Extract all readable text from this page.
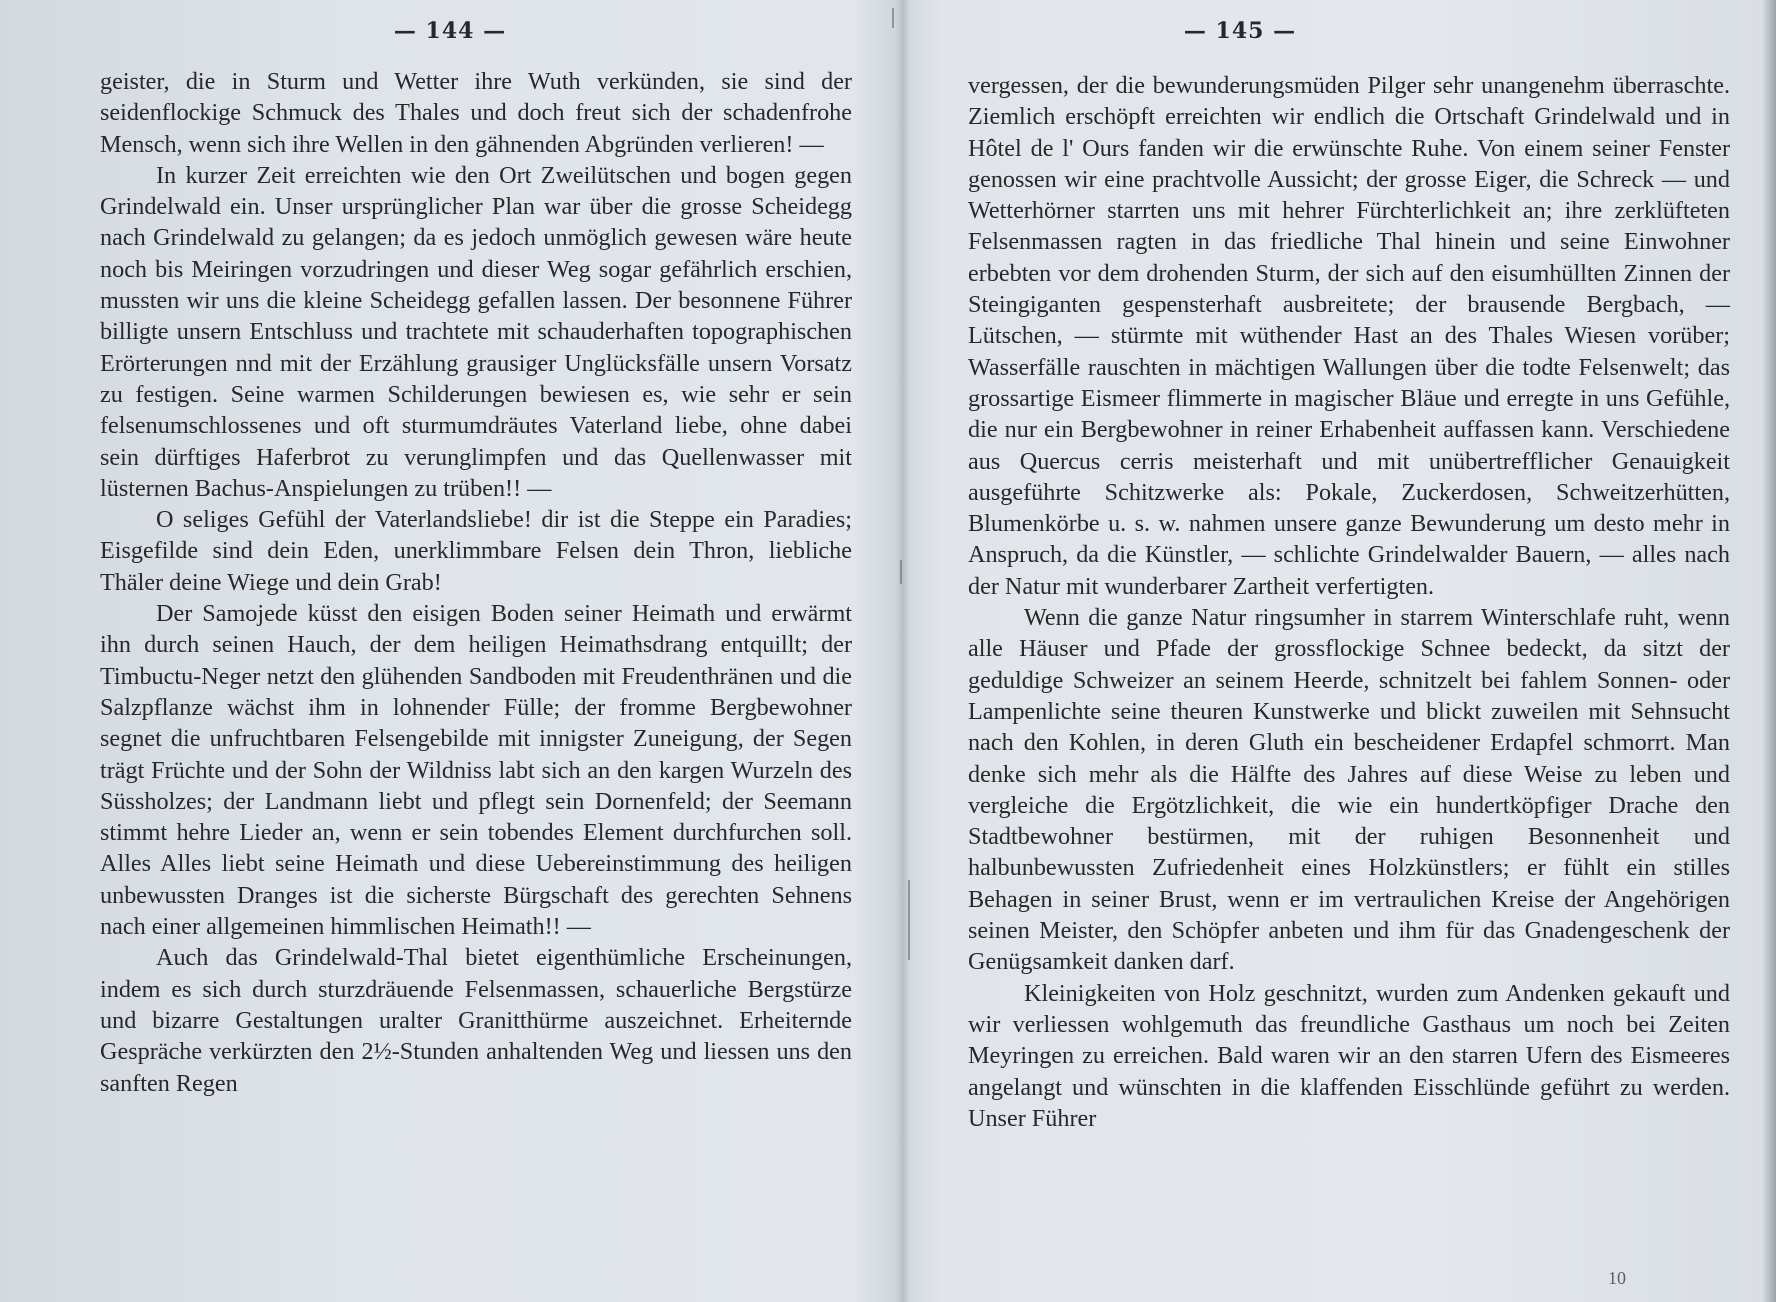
— 144 —

geister, die in Sturm und Wetter ihre Wuth verkünden, sie sind der seidenflockige Schmuck des Thales und doch freut sich der schadenfrohe Mensch, wenn sich ihre Wellen in den gähnenden Abgründen verlieren! —

In kurzer Zeit erreichten wie den Ort Zweilütschen und bogen gegen Grindelwald ein. Unser ursprünglicher Plan war über die grosse Scheidegg nach Grindelwald zu gelangen; da es jedoch unmöglich gewesen wäre heute noch bis Meiringen vorzudringen und dieser Weg sogar gefährlich erschien, mussten wir uns die kleine Scheidegg gefallen lassen. Der besonnene Führer billigte unsern Entschluss und trachtete mit schauderhaften topographischen Erörterungen nnd mit der Erzählung grausiger Unglücksfälle unsern Vorsatz zu festigen. Seine warmen Schilderungen bewiesen es, wie sehr er sein felsenumschlossenes und oft sturmumdräutes Vaterland liebe, ohne dabei sein dürftiges Haferbrot zu verunglimpfen und das Quellenwasser mit lüsternen Bachus-Anspielungen zu trüben!! —

O seliges Gefühl der Vaterlandsliebe! dir ist die Steppe ein Paradies; Eisgefilde sind dein Eden, unerklimmbare Felsen dein Thron, liebliche Thäler deine Wiege und dein Grab!

Der Samojede küsst den eisigen Boden seiner Heimath und erwärmt ihn durch seinen Hauch, der dem heiligen Heimathsdrang entquillt; der Timbuctu-Neger netzt den glühenden Sandboden mit Freudenthränen und die Salzpflanze wächst ihm in lohnender Fülle; der fromme Bergbewohner segnet die unfruchtbaren Felsengebilde mit innigster Zuneigung, der Segen trägt Früchte und der Sohn der Wildniss labt sich an den kargen Wurzeln des Süssholzes; der Landmann liebt und pflegt sein Dornenfeld; der Seemann stimmt hehre Lieder an, wenn er sein tobendes Element durchfurchen soll. Alles Alles liebt seine Heimath und diese Uebereinstimmung des heiligen unbewussten Dranges ist die sicherste Bürgschaft des gerechten Sehnens nach einer allgemeinen himmlischen Heimath!! —

Auch das Grindelwald-Thal bietet eigenthümliche Erscheinungen, indem es sich durch sturzdräuende Felsenmassen, schauerliche Bergstürze und bizarre Gestaltungen uralter Granitthürme auszeichnet. Erheiternde Gespräche verkürzten den 2½-Stunden anhaltenden Weg und liessen uns den sanften Regen

— 145 —

vergessen, der die bewunderungsmüden Pilger sehr unangenehm überraschte. Ziemlich erschöpft erreichten wir endlich die Ortschaft Grindelwald und in Hôtel de l' Ours fanden wir die erwünschte Ruhe. Von einem seiner Fenster genossen wir eine prachtvolle Aussicht; der grosse Eiger, die Schreck — und Wetterhörner starrten uns mit hehrer Fürchterlichkeit an; ihre zerklüfteten Felsenmassen ragten in das friedliche Thal hinein und seine Einwohner erbebten vor dem drohenden Sturm, der sich auf den eisumhüllten Zinnen der Steingiganten gespensterhaft ausbreitete; der brausende Bergbach, — Lütschen, — stürmte mit wüthender Hast an des Thales Wiesen vorüber; Wasserfälle rauschten in mächtigen Wallungen über die todte Felsenwelt; das grossartige Eismeer flimmerte in magischer Bläue und erregte in uns Gefühle, die nur ein Bergbewohner in reiner Erhabenheit auffassen kann. Verschiedene aus Quercus cerris meisterhaft und mit unübertrefflicher Genauigkeit ausgeführte Schitzwerke als: Pokale, Zuckerdosen, Schweitzerhütten, Blumenkörbe u. s. w. nahmen unsere ganze Bewunderung um desto mehr in Anspruch, da die Künstler, — schlichte Grindelwalder Bauern, — alles nach der Natur mit wunderbarer Zartheit verfertigten.

Wenn die ganze Natur ringsumher in starrem Winterschlafe ruht, wenn alle Häuser und Pfade der grossflockige Schnee bedeckt, da sitzt der geduldige Schweizer an seinem Heerde, schnitzelt bei fahlem Sonnen- oder Lampenlichte seine theuren Kunstwerke und blickt zuweilen mit Sehnsucht nach den Kohlen, in deren Gluth ein bescheidener Erdapfel schmorrt. Man denke sich mehr als die Hälfte des Jahres auf diese Weise zu leben und vergleiche die Ergötzlichkeit, die wie ein hundertköpfiger Drache den Stadtbewohner bestürmen, mit der ruhigen Besonnenheit und halbunbewussten Zufriedenheit eines Holzkünstlers; er fühlt ein stilles Behagen in seiner Brust, wenn er im vertraulichen Kreise der Angehörigen seinen Meister, den Schöpfer anbeten und ihm für das Gnadengeschenk der Genügsamkeit danken darf.

Kleinigkeiten von Holz geschnitzt, wurden zum Andenken gekauft und wir verliessen wohlgemuth das freundliche Gasthaus um noch bei Zeiten Meyringen zu erreichen. Bald waren wir an den starren Ufern des Eismeeres angelangt und wünschten in die klaffenden Eisschlünde geführt zu werden. Unser Führer

10
